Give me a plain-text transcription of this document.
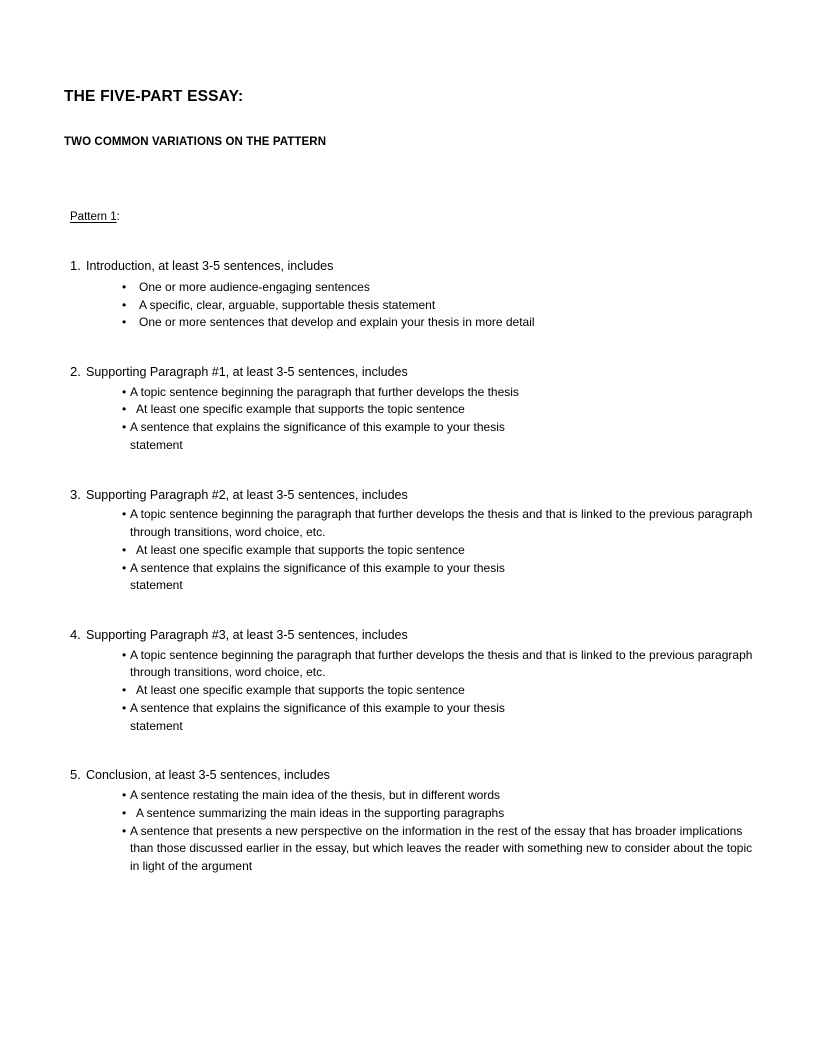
THE FIVE-PART ESSAY:
TWO COMMON VARIATIONS ON THE PATTERN
Pattern 1:
1. Introduction, at least 3-5 sentences, includes
• One or more audience-engaging sentences
• A specific, clear, arguable, supportable thesis statement
• One or more sentences that develop and explain your thesis in more detail
2. Supporting Paragraph #1, at least 3-5 sentences, includes
• A topic sentence beginning the paragraph that further develops the thesis
• At least one specific example that supports the topic sentence
• A sentence that explains the significance of this example to your thesis
statement
3. Supporting Paragraph #2, at least 3-5 sentences, includes
• A topic sentence beginning the paragraph that further develops the thesis and that is linked to the previous paragraph through transitions, word choice, etc.
• At least one specific example that supports the topic sentence
• A sentence that explains the significance of this example to your thesis
statement
4. Supporting Paragraph #3, at least 3-5 sentences, includes
• A topic sentence beginning the paragraph that further develops the thesis and that is linked to the previous paragraph through transitions, word choice, etc.
• At least one specific example that supports the topic sentence
• A sentence that explains the significance of this example to your thesis
statement
5. Conclusion, at least 3-5 sentences, includes
• A sentence restating the main idea of the thesis, but in different words
• A sentence summarizing the main ideas in the supporting paragraphs
• A sentence that presents a new perspective on the information in the rest of the essay that has broader implications than those discussed earlier in the essay, but which leaves the reader with something new to consider about the topic in light of the argument
